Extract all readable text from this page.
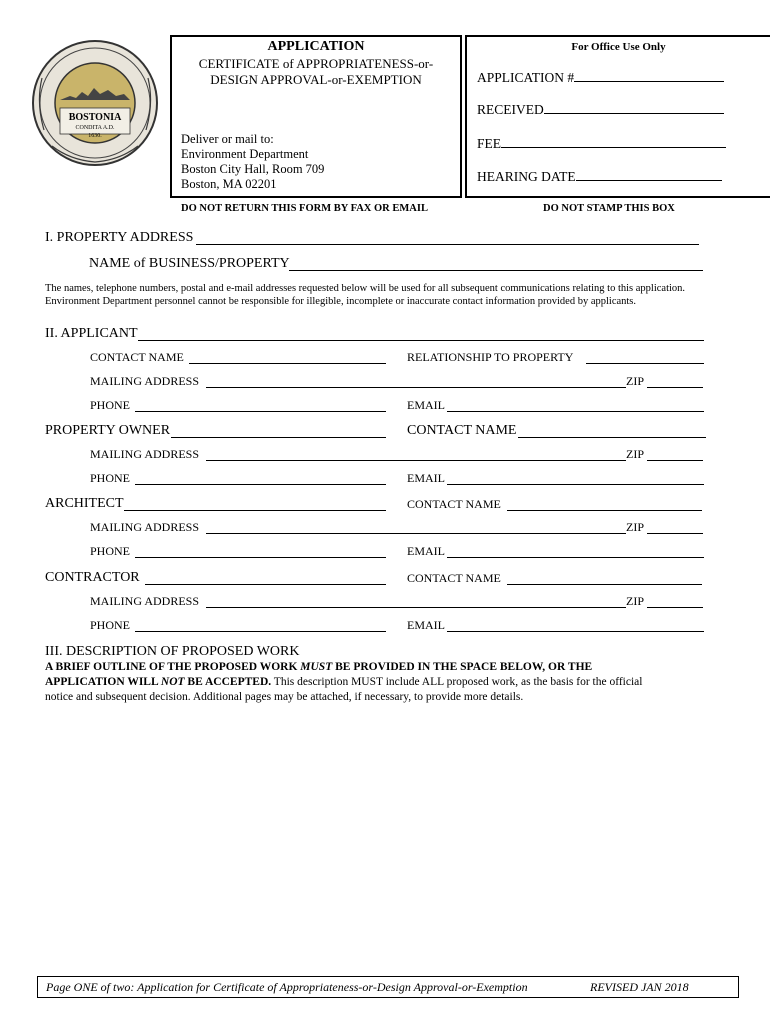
BOSTONIA
CONDITA A.D.
1630.
APPLICATION
CERTIFICATE of APPROPRIATENESS-or-
DESIGN APPROVAL-or-EXEMPTION
Deliver or mail to:
Environment Department
Boston City Hall, Room 709
Boston, MA 02201
For Office Use Only
APPLICATION #
RECEIVED
FEE
HEARING DATE
DO NOT RETURN THIS FORM BY FAX OR EMAIL	DO NOT STAMP THIS BOX
I. PROPERTY ADDRESS
NAME of BUSINESS/PROPERTY
The names, telephone numbers, postal and e-mail addresses requested below will be used for all subsequent communications relating to this application.
Environment Department personnel cannot be responsible for illegible, incomplete or inaccurate contact information provided by applicants.
II. APPLICANT
CONTACT NAME	RELATIONSHIP TO PROPERTY
MAILING ADDRESS	ZIP
PHONE	EMAIL
PROPERTY OWNER	CONTACT NAME
MAILING ADDRESS	ZIP
PHONE	EMAIL
ARCHITECT	CONTACT NAME
MAILING ADDRESS	ZIP
PHONE	EMAIL
CONTRACTOR	CONTACT NAME
MAILING ADDRESS	ZIP
PHONE	EMAIL
III. DESCRIPTION OF PROPOSED WORK
A BRIEF OUTLINE OF THE PROPOSED WORK MUST BE PROVIDED IN THE SPACE BELOW, OR THE
APPLICATION WILL NOT BE ACCEPTED. This description MUST include ALL proposed work, as the basis for the official
notice and subsequent decision. Additional pages may be attached, if necessary, to provide more details.
Page ONE of two: Application for Certificate of Appropriateness-or-Design Approval-or-Exemption	REVISED JAN 2018
